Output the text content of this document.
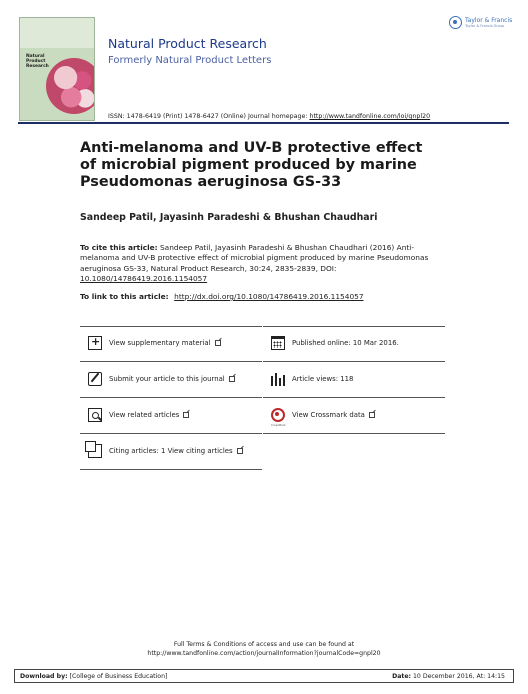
Natural
Product
Research
Natural Product Research
Formerly Natural Product Letters
Taylor & Francis
Taylor & Francis Group
ISSN: 1478-6419 (Print) 1478-6427 (Online) Journal homepage: http://www.tandfonline.com/loi/gnpl20
Anti-melanoma and UV-B protective effect of microbial pigment produced by marine Pseudomonas aeruginosa GS-33
Sandeep Patil, Jayasinh Paradeshi & Bhushan Chaudhari
To cite this article: Sandeep Patil, Jayasinh Paradeshi & Bhushan Chaudhari (2016) Anti-melanoma and UV-B protective effect of microbial pigment produced by marine Pseudomonas aeruginosa GS-33, Natural Product Research, 30:24, 2835-2839, DOI: 10.1080/14786419.2016.1154057
To link to this article: http://dx.doi.org/10.1080/14786419.2016.1154057
+
View supplementary material
Submit your article to this journal
View related articles
Citing articles: 1 View citing articles
Published online: 10 Mar 2016.
Article views: 118
CrossMark
View Crossmark data
Full Terms & Conditions of access and use can be found at
http://www.tandfonline.com/action/journalInformation?journalCode=gnpl20
Download by: [College of Business Education]	Date: 10 December 2016, At: 14:15
